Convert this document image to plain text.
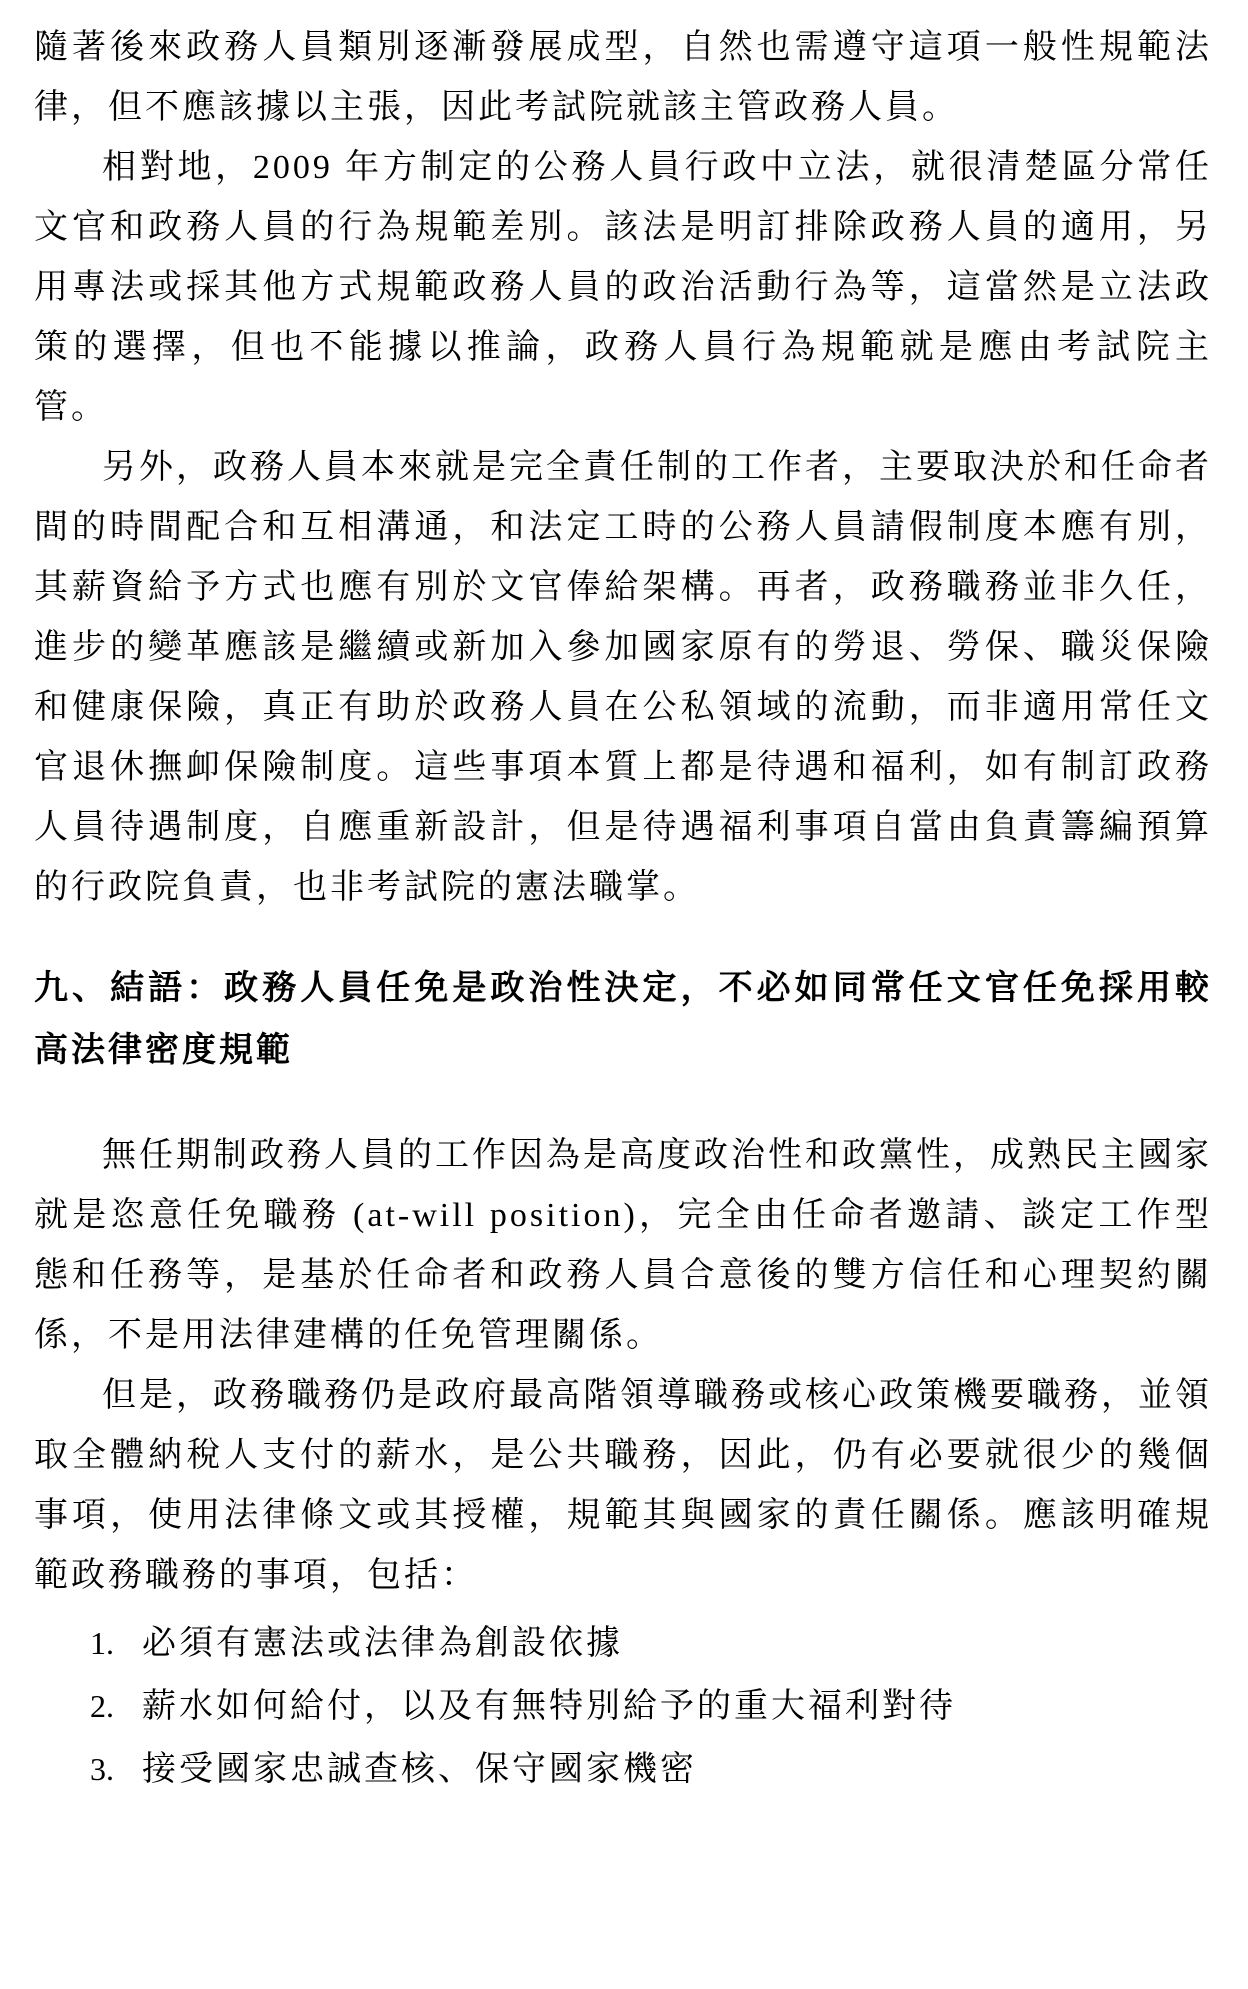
隨著後來政務人員類別逐漸發展成型，自然也需遵守這項一般性規範法律，但不應該據以主張，因此考試院就該主管政務人員。

相對地，2009 年方制定的公務人員行政中立法，就很清楚區分常任文官和政務人員的行為規範差別。該法是明訂排除政務人員的適用，另用專法或採其他方式規範政務人員的政治活動行為等，這當然是立法政策的選擇，但也不能據以推論，政務人員行為規範就是應由考試院主管。

另外，政務人員本來就是完全責任制的工作者，主要取決於和任命者間的時間配合和互相溝通，和法定工時的公務人員請假制度本應有別，其薪資給予方式也應有別於文官俸給架構。再者，政務職務並非久任，進步的變革應該是繼續或新加入參加國家原有的勞退、勞保、職災保險和健康保險，真正有助於政務人員在公私領域的流動，而非適用常任文官退休撫卹保險制度。這些事項本質上都是待遇和福利，如有制訂政務人員待遇制度，自應重新設計，但是待遇福利事項自當由負責籌編預算的行政院負責，也非考試院的憲法職掌。

九、結語：政務人員任免是政治性決定，不必如同常任文官任免採用較高法律密度規範

無任期制政務人員的工作因為是高度政治性和政黨性，成熟民主國家就是恣意任免職務 (at-will position)，完全由任命者邀請、談定工作型態和任務等，是基於任命者和政務人員合意後的雙方信任和心理契約關係，不是用法律建構的任免管理關係。

但是，政務職務仍是政府最高階領導職務或核心政策機要職務，並領取全體納稅人支付的薪水，是公共職務，因此，仍有必要就很少的幾個事項，使用法律條文或其授權，規範其與國家的責任關係。應該明確規範政務職務的事項，包括：

1. 必須有憲法或法律為創設依據
2. 薪水如何給付，以及有無特別給予的重大福利對待
3. 接受國家忠誠查核、保守國家機密
